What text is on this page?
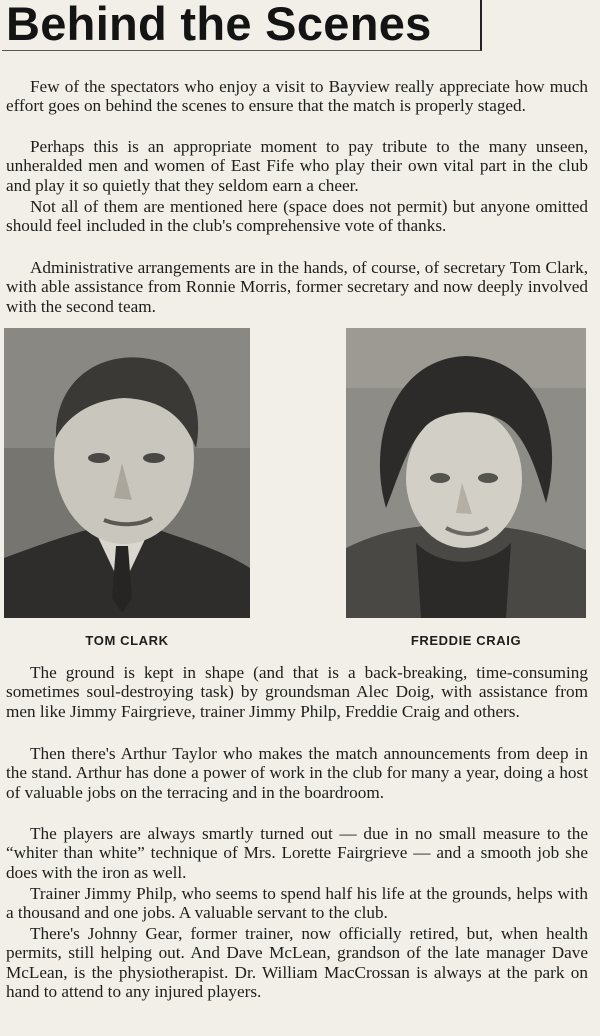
Behind the Scenes

Few of the spectators who enjoy a visit to Bayview really appreciate how much effort goes on behind the scenes to ensure that the match is properly staged.

Perhaps this is an appropriate moment to pay tribute to the many unseen, unheralded men and women of East Fife who play their own vital part in the club and play it so quietly that they seldom earn a cheer.

Not all of them are mentioned here (space does not permit) but anyone omitted should feel included in the club's comprehensive vote of thanks.

Administrative arrangements are in the hands, of course, of secretary Tom Clark, with able assistance from Ronnie Morris, former secretary and now deeply involved with the second team.

TOM CLARK	FREDDIE CRAIG

The ground is kept in shape (and that is a back-breaking, time-consuming sometimes soul-destroying task) by groundsman Alec Doig, with assistance from men like Jimmy Fairgrieve, trainer Jimmy Philp, Freddie Craig and others.

Then there's Arthur Taylor who makes the match announcements from deep in the stand. Arthur has done a power of work in the club for many a year, doing a host of valuable jobs on the terracing and in the boardroom.

The players are always smartly turned out — due in no small measure to the “whiter than white” technique of Mrs. Lorette Fairgrieve — and a smooth job she does with the iron as well.

Trainer Jimmy Philp, who seems to spend half his life at the grounds, helps with a thousand and one jobs. A valuable servant to the club.

There's Johnny Gear, former trainer, now officially retired, but, when health permits, still helping out. And Dave McLean, grandson of the late manager Dave McLean, is the physiotherapist. Dr. William MacCrossan is always at the park on hand to attend to any injured players.
